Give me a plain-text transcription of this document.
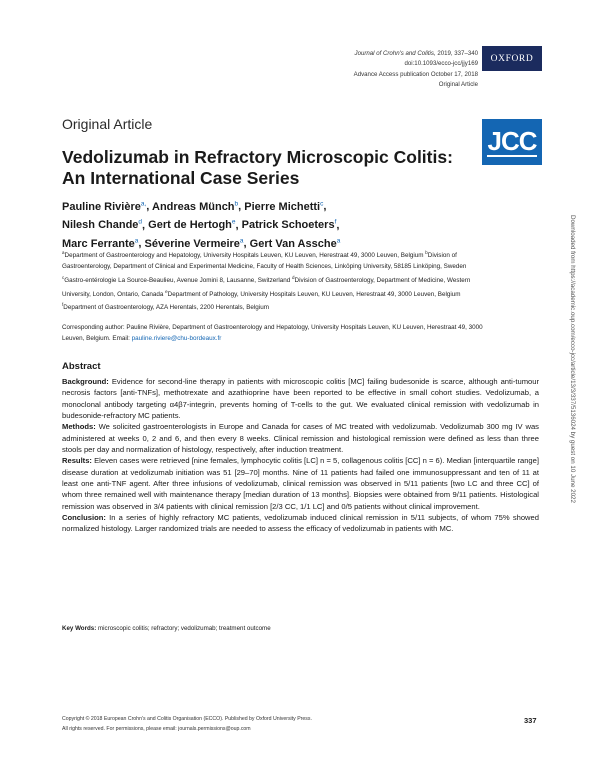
Journal of Crohn's and Colitis, 2019, 337–340
doi:10.1093/ecco-jcc/jjy169
Advance Access publication October 17, 2018
Original Article
OXFORD
JCC
Original Article
Vedolizumab in Refractory Microscopic Colitis: An International Case Series
Pauline Rivière$^{a,}$, Andreas Münch$^b$, Pierre Michetti$^c$,
Nilesh Chande$^d$, Gert de Hertogh$^e$, Patrick Schoeters$^f$,
Marc Ferrante$^a$, Séverine Vermeire$^a$, Gert Van Assche$^a$
$^a$Department of Gastroenterology and Hepatology, University Hospitals Leuven, KU Leuven, Herestraat 49, 3000 Leuven, Belgium $^b$Division of Gastroenterology, Department of Clinical and Experimental Medicine, Faculty of Health Sciences, Linköping University, 58185 Linköping, Sweden $^c$Gastro-entérologie La Source-Beaulieu, Avenue Jomini 8, Lausanne, Switzerland $^d$Division of Gastroenterology, Department of Medicine, Western University, London, Ontario, Canada $^e$Department of Pathology, University Hospitals Leuven, KU Leuven, Herestraat 49, 3000 Leuven, Belgium $^f$Department of Gastroenterology, AZA Herentals, 2200 Herentals, Belgium
Corresponding author: Pauline Rivière, Department of Gastroenterology and Hepatology, University Hospitals Leuven, KU Leuven, Herestraat 49, 3000 Leuven, Belgium. Email: pauline.riviere@chu-bordeaux.fr
Abstract

Background: Evidence for second-line therapy in patients with microscopic colitis [MC] failing budesonide is scarce, although anti-tumour necrosis factors [anti-TNFs], methotrexate and azathioprine have been reported to be effective in small cohort studies. Vedolizumab, a monoclonal antibody targeting α4β7-integrin, prevents homing of T-cells to the gut. We evaluated clinical remission with vedolizumab in budesonide-refractory MC patients.

Methods: We solicited gastroenterologists in Europe and Canada for cases of MC treated with vedolizumab. Vedolizumab 300 mg IV was administered at weeks 0, 2 and 6, and then every 8 weeks. Clinical remission and histological remission were defined as less than three stools per day and normalization of histology, respectively, after induction treatment.

Results: Eleven cases were retrieved [nine females, lymphocytic colitis [LC] n = 5, collagenous colitis [CC] n = 6). Median [interquartile range] disease duration at vedolizumab initiation was 51 [29–70] months. Nine of 11 patients had failed one immunosuppressant and ten of 11 at least one anti-TNF agent. After three infusions of vedolizumab, clinical remission was observed in 5/11 patients [two LC and three CC] of whom three remained well with maintenance therapy [median duration of 13 months]. Biopsies were obtained from 9/11 patients. Histological remission was observed in 3/4 patients with clinical remission [2/3 CC, 1/1 LC] and 0/5 patients without clinical improvement.

Conclusion: In a series of highly refractory MC patients, vedolizumab induced clinical remission in 5/11 subjects, of whom 75% showed normalized histology. Larger randomized trials are needed to assess the efficacy of vedolizumab in patients with MC.

Key Words: microscopic colitis; refractory; vedolizumab; treatment outcome
Copyright © 2018 European Crohn's and Colitis Organisation (ECCO). Published by Oxford University Press.
All rights reserved. For permissions, please email: journals.permissions@oup.com
337
Downloaded from https://academic.oup.com/ecco-jcc/article/13/3/337/5136024 by guest on 10 June 2022
